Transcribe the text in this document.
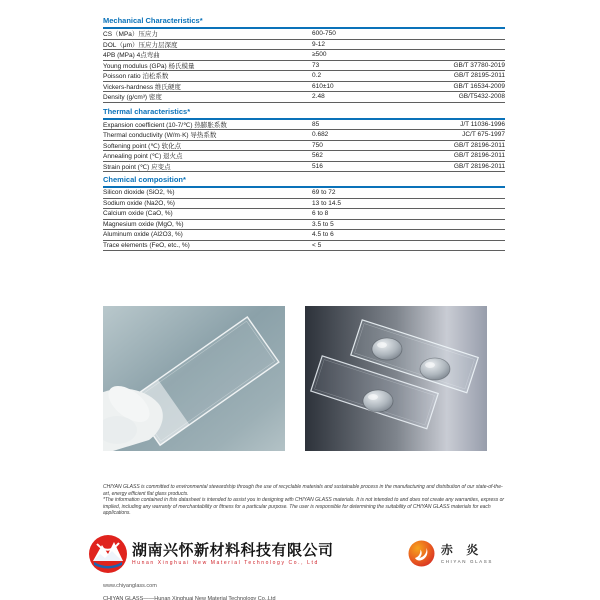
Mechanical Characteristics*
CS（MPa）压应力	600-750
DOL（μm）压应力层深度	9-12
4PB (MPa) 4点弯曲	≥500
Young modulus (GPa) 杨氏模量	73	GB/T 37780-2019
Poisson ratio 泊松系数	0.2	GB/T 28195-2011
Vickers-hardness 维氏硬度	610±10	GB/T 16534-2009
Density (g/cm³) 密度	2.48	GB/T5432-2008
Thermal characteristics*
Expansion coefficient (10-7/℃) 热膨胀系数	85	J/T 11036-1996
Thermal conductivity (W/m·K) 导热系数	0.682	JC/T 675-1997
Softening point (℃) 软化点	750	GB/T 28196-2011
Annealing point (℃) 退火点	562	GB/T 28196-2011
Strain point (℃) 应变点	516	GB/T 28196-2011
Chemical composition*
Silicon dioxide (SiO2, %)	69 to 72
Sodium oxide (Na2O, %)	13 to 14.5
Calcium oxide (CaO, %)	6 to 8
Magnesium oxide (MgO, %)	3.5 to 5
Aluminum oxide (Al2O3, %)	4.5 to 6
Trace elements (FeO, etc., %)	< 5

CHIYAN GLASS is committed to environmental stewardship through the use of recyclable materials and sustainable process in the manufacturing and distribution of our state-of-the-art, energy efficient flat glass products.

*The information contained in this datasheet is intended to assist you in designing with CHIYAN GLASS materials. It is not intended to and does not create any warranties, express or implied, including any warranty of merchantability or fitness for a particular purpose. The user is responsible for determining the suitability of CHIYAN GLASS materials for each applications.

湖南兴怀新材料科技有限公司
Hunan Xinghuai New Material Technology Co., Ltd
赤 炎
CHIYAN GLASS
www.chiyanglass.com
CHIYAN GLASS——Hunan Xinghuai New Material Technology Co.,Ltd
